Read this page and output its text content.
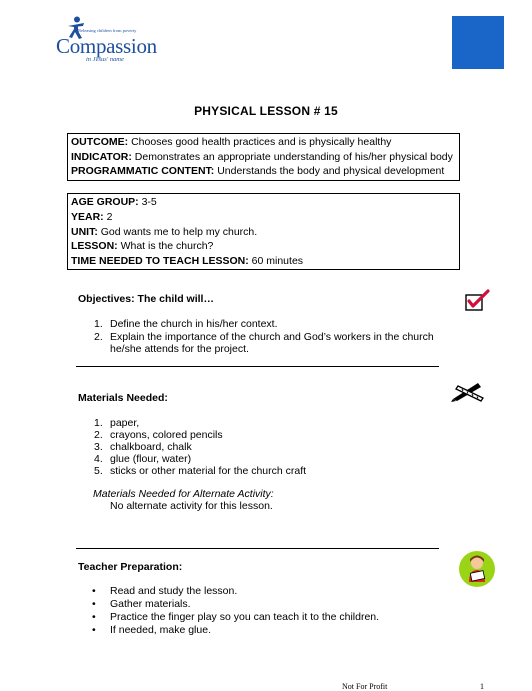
Releasing children from poverty
Compassion
in Jesus' name
PHYSICAL LESSON # 15
OUTCOME: Chooses good health practices and is physically healthy
INDICATOR: Demonstrates an appropriate understanding of his/her physical body
PROGRAMMATIC CONTENT: Understands the body and physical development
AGE GROUP: 3-5
YEAR: 2
UNIT: God wants me to help my church.
LESSON: What is the church?
TIME NEEDED TO TEACH LESSON: 60 minutes
Objectives: The child will…
1. Define the church in his/her context.
2. Explain the importance of the church and God’s workers in the church
he/she attends for the project.
Materials Needed:
1. paper,
2. crayons, colored pencils
3. chalkboard, chalk
4. glue (flour, water)
5. sticks or other material for the church craft
Materials Needed for Alternate Activity:
No alternate activity for this lesson.
Teacher Preparation:
• Read and study the lesson.
• Gather materials.
• Practice the finger play so you can teach it to the children.
• If needed, make glue.
Not For Profit	1
